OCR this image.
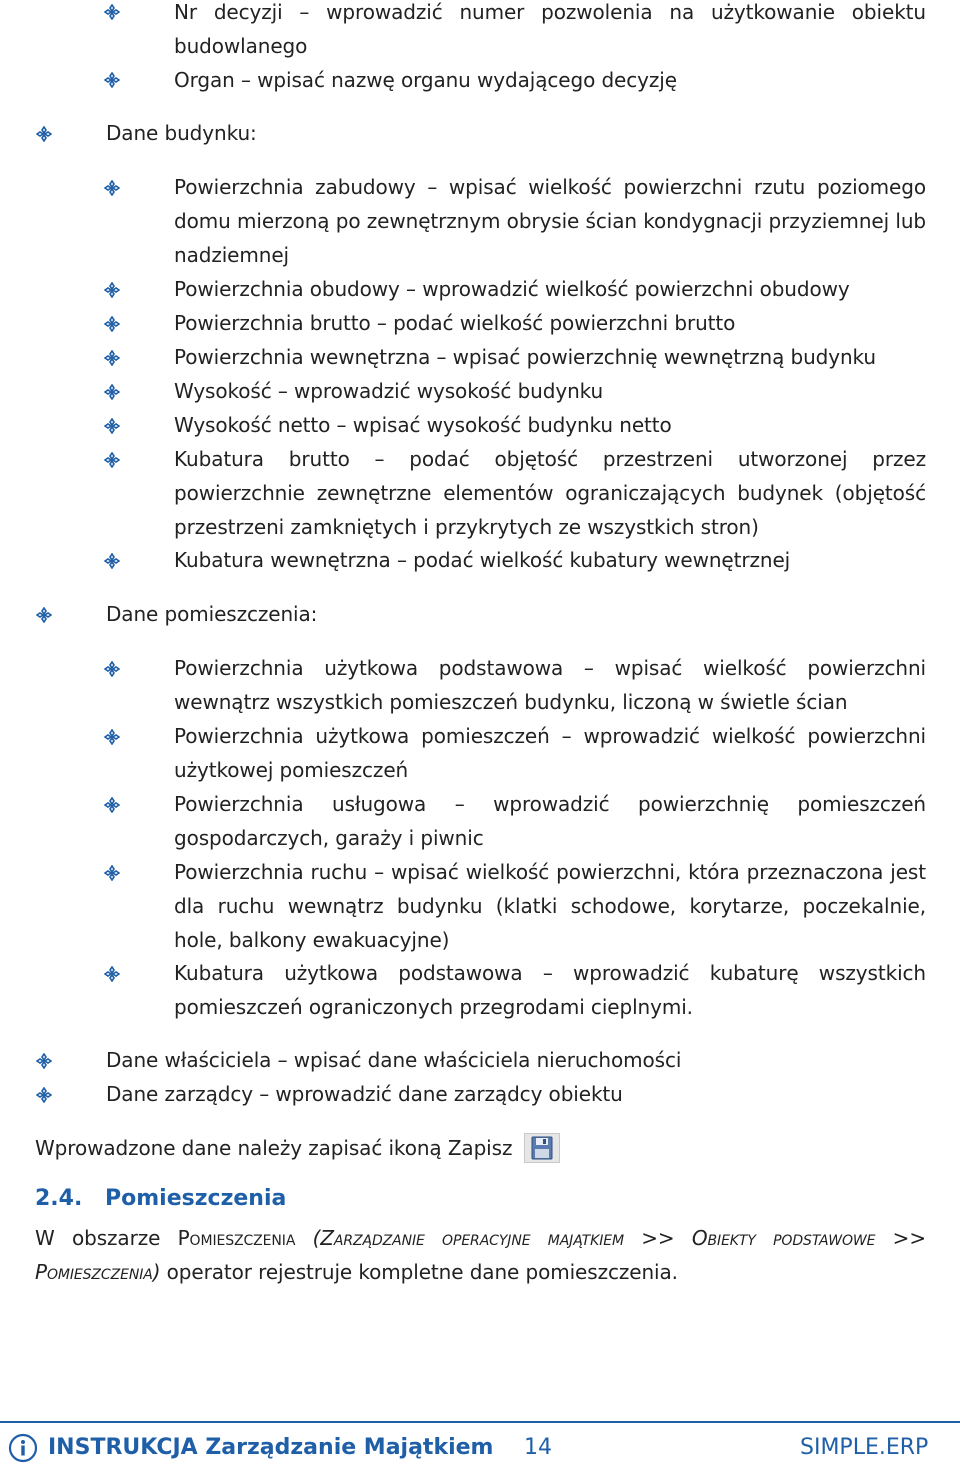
Nr decyzji – wprowadzić numer pozwolenia na użytkowanie obiektu budowlanego
Organ – wpisać nazwę organu wydającego decyzję
Dane budynku:
Powierzchnia zabudowy – wpisać wielkość powierzchni rzutu poziomego domu mierzoną po zewnętrznym obrysie ścian kondygnacji przyziemnej lub nadziemnej
Powierzchnia obudowy – wprowadzić wielkość powierzchni obudowy
Powierzchnia brutto – podać wielkość powierzchni brutto
Powierzchnia wewnętrzna – wpisać powierzchnię wewnętrzną budynku
Wysokość – wprowadzić wysokość budynku
Wysokość netto – wpisać wysokość budynku netto
Kubatura brutto – podać objętość przestrzeni utworzonej przez powierzchnie zewnętrzne elementów ograniczających budynek (objętość przestrzeni zamkniętych i przykrytych ze wszystkich stron)
Kubatura wewnętrzna – podać wielkość kubatury wewnętrznej
Dane pomieszczenia:
Powierzchnia użytkowa podstawowa – wpisać wielkość powierzchni wewnątrz wszystkich pomieszczeń budynku, liczoną w świetle ścian
Powierzchnia użytkowa pomieszczeń – wprowadzić wielkość powierzchni użytkowej pomieszczeń
Powierzchnia usługowa – wprowadzić powierzchnię pomieszczeń gospodarczych, garaży i piwnic
Powierzchnia ruchu – wpisać wielkość powierzchni, która przeznaczona jest dla ruchu wewnątrz budynku (klatki schodowe, korytarze, poczekalnie, hole, balkony ewakuacyjne)
Kubatura użytkowa podstawowa – wprowadzić kubaturę wszystkich pomieszczeń ograniczonych przegrodami cieplnymi.
Dane właściciela – wpisać dane właściciela nieruchomości
Dane zarządcy – wprowadzić dane zarządcy obiektu
Wprowadzone dane należy zapisać ikoną Zapisz
2.4. Pomieszczenia
W obszarze Pomieszczenia (Zarządzanie operacyjne majątkiem >> Obiekty podstawowe >> Pomieszczenia) operator rejestruje kompletne dane pomieszczenia.
INSTRUKCJA Zarządzanie Majątkiem 14	SIMPLE.ERP
